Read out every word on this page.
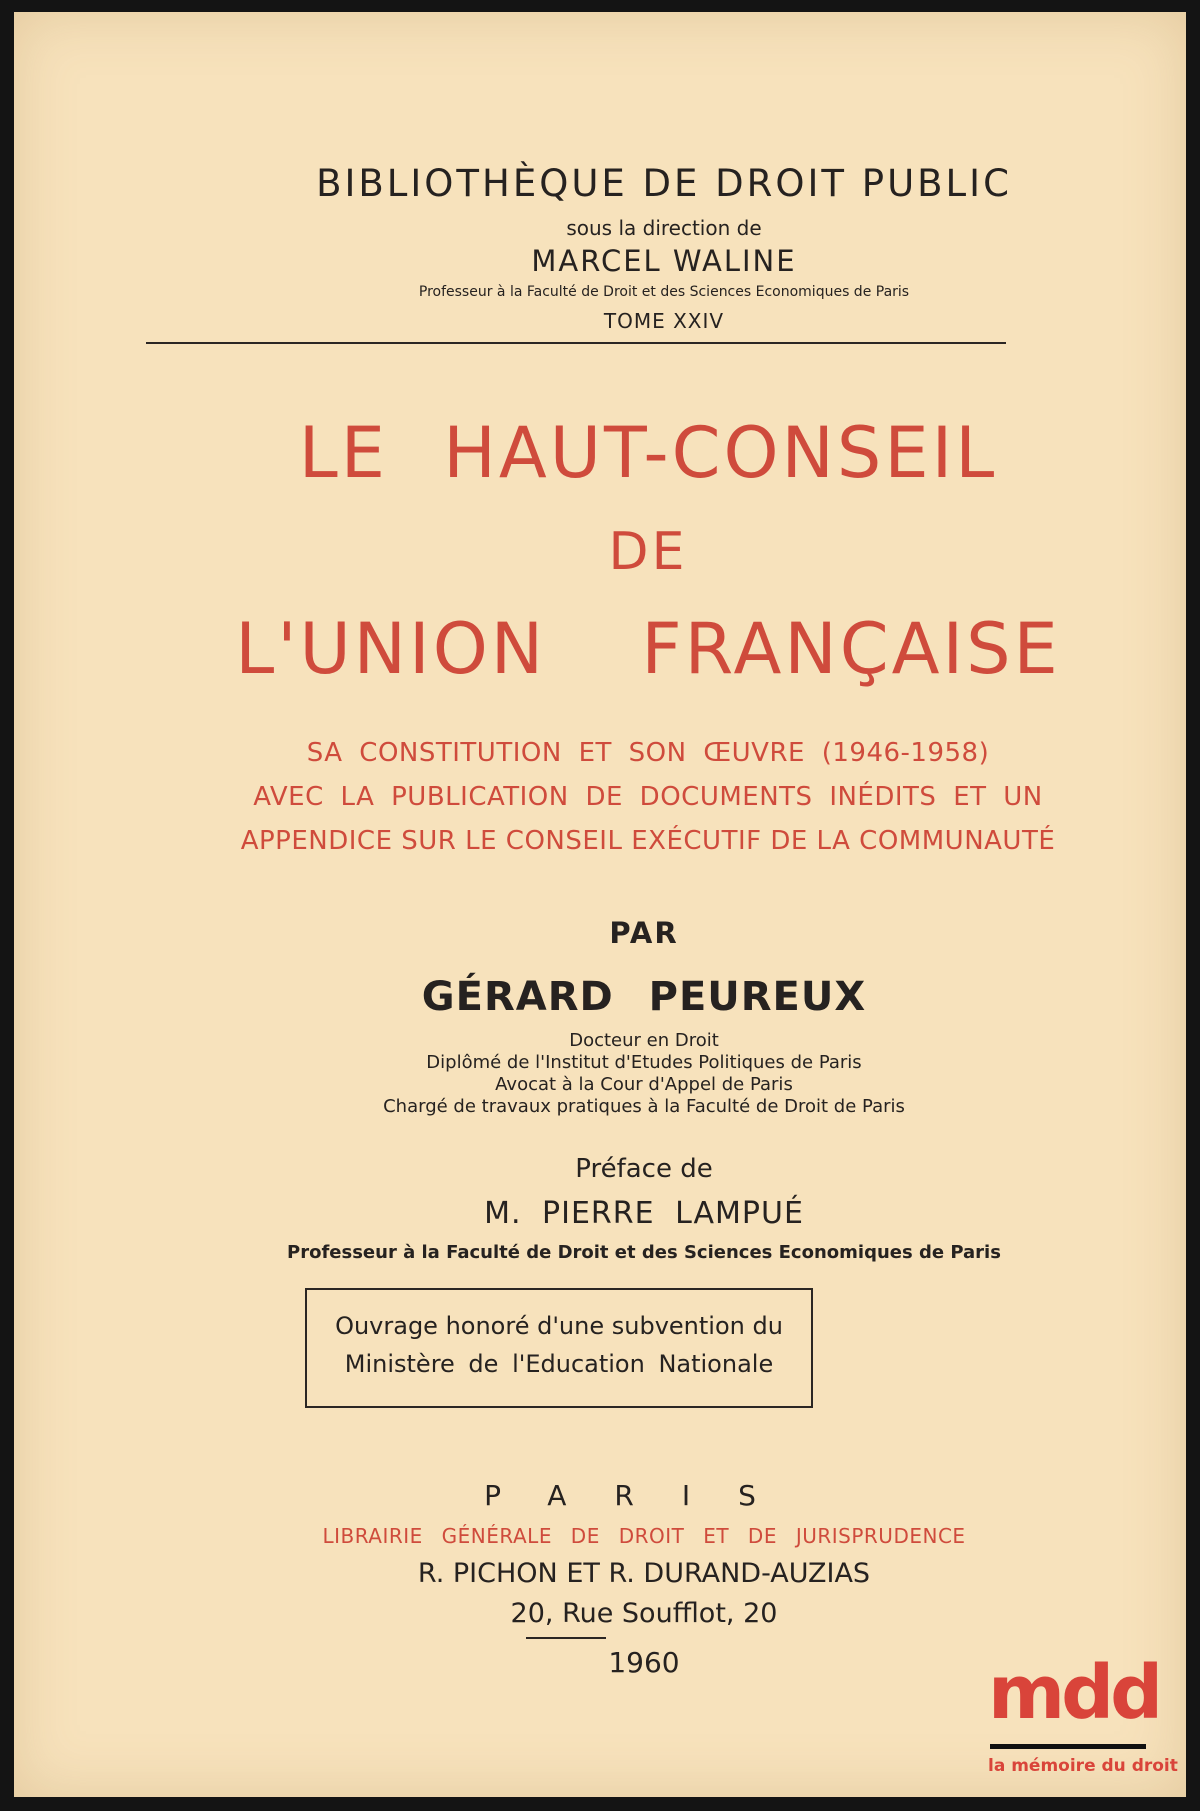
BIBLIOTHÈQUE DE DROIT PUBLIC
sous la direction de
MARCEL WALINE
Professeur à la Faculté de Droit et des Sciences Economiques de Paris
TOME XXIV
LE HAUT-CONSEIL
DE
L'UNION FRANÇAISE
SA CONSTITUTION ET SON ŒUVRE (1946-1958)
AVEC LA PUBLICATION DE DOCUMENTS INÉDITS ET UN
APPENDICE SUR LE CONSEIL EXÉCUTIF DE LA COMMUNAUTÉ
PAR
GÉRARD PEUREUX
Docteur en Droit
Diplômé de l'Institut d'Etudes Politiques de Paris
Avocat à la Cour d'Appel de Paris
Chargé de travaux pratiques à la Faculté de Droit de Paris
Préface de
M. PIERRE LAMPUÉ
Professeur à la Faculté de Droit et des Sciences Economiques de Paris
Ouvrage honoré d'une subvention du
Ministère de l'Education Nationale
PARIS
LIBRAIRIE GÉNÉRALE DE DROIT ET DE JURISPRUDENCE
R. PICHON ET R. DURAND-AUZIAS
20, Rue Soufflot, 20
1960	mdd
la mémoire du droit
